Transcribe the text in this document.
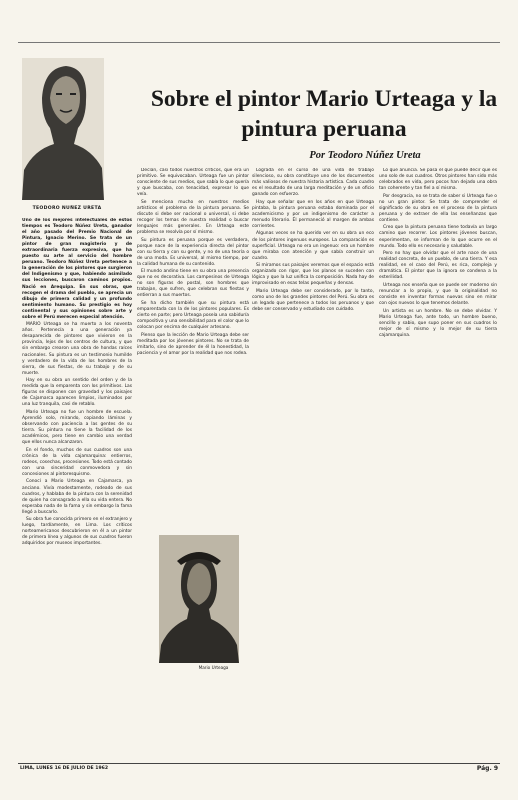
TEODORO NUÑEZ URETA
Sobre el pintor Mario Urteaga y la pintura peruana
Por Teodoro Núñez Ureta

Uno de los mejores intelectuales de estos tiempos es Teodoro Núñez Ureta, ganador el año pasado del Premio Nacional de Pintura, Ignacio Merino. Se trata de un pintor de gran magisterio y de extraordinaria fuerza expresiva, que ha puesto su arte al servicio del hombre peruano. Teodoro Núñez Ureta pertenece a la generación de los pintores que surgieron del Indigenismo y que, habiendo asimilado sus lecciones, buscaron caminos propios. Nació en Arequipa. En sus obras, que recogen el drama del pueblo, se aprecia un dibujo de primera calidad y un profundo sentimiento humano. Su prestigio es hoy continental y sus opiniones sobre arte y sobre el Perú merecen especial atención.

MARIO Urteaga se ha muerto a los noventa años. Pertenecía a una generación ya desaparecida de pintores que vivieron en la provincia, lejos de los centros de cultura, y que sin embargo crearon una obra de hondas raíces nacionales. Su pintura es un testimonio humilde y verdadero de la vida de los hombres de la sierra, de sus fiestas, de su trabajo y de su muerte.

Hay en su obra un sentido del orden y de la medida que la emparenta con los primitivos. Las figuras se disponen con gravedad y los paisajes de Cajamarca aparecen limpios, iluminados por una luz tranquila, casi de retablo.

Mario Urteaga no fue un hombre de escuela. Aprendió solo, mirando, copiando láminas y observando con paciencia a las gentes de su tierra. Su pintura no tiene la facilidad de los académicos, pero tiene en cambio una verdad que ellos nunca alcanzaron.

En el fondo, muchos de sus cuadros son una crónica de la vida cajamarquina: entierros, rodeos, cosechas, procesiones. Todo está contado con una sinceridad conmovedora y sin concesiones al pintoresquismo.

Conocí a Mario Urteaga en Cajamarca, ya anciano. Vivía modestamente, rodeado de sus cuadros, y hablaba de la pintura con la serenidad de quien ha consagrado a ella su vida entera. No esperaba nada de la fama y sin embargo la fama llegó a buscarlo.

Su obra fue conocida primero en el extranjero y luego, tardíamente, en Lima. Los críticos norteamericanos descubrieron en él a un pintor de primera línea y algunos de sus cuadros fueron adquiridos por museos importantes.

Decían, casi todos nuestros críticos, que era un primitivo. Se equivocaban. Urteaga fue un pintor consciente de sus medios, que sabía lo que quería y que buscaba, con tenacidad, expresar lo que veía.

Se menciona mucho en nuestros medios artísticos el problema de la pintura peruana. Se discute si debe ser nacional o universal, si debe recoger los temas de nuestra realidad o buscar lenguajes más generales. En Urteaga este problema se resolvía por sí mismo.

Su pintura es peruana porque es verdadera, porque nace de la experiencia directa del pintor con su tierra y con su gente, y no de una teoría o de una moda. Es universal, al mismo tiempo, por la calidad humana de su contenido.

El mundo andino tiene en su obra una presencia que no es decorativa. Los campesinos de Urteaga no son figuras de postal, son hombres que trabajan, que sufren, que celebran sus fiestas y entierran a sus muertos.

Se ha dicho también que su pintura está emparentada con la de los pintores populares. Es cierto en parte; pero Urteaga poseía una sabiduría compositiva y una sensibilidad para el color que lo colocan por encima de cualquier artesano.

Pienso que la lección de Mario Urteaga debe ser meditada por los jóvenes pintores. No se trata de imitarlo, sino de aprender de él la honestidad, la paciencia y el amor por la realidad que nos rodea.

Mario Urteaga

Lograda en el curso de una vida de trabajo silencioso, su obra constituye uno de los documentos más valiosos de nuestra historia artística. Cada cuadro es el resultado de una larga meditación y de un oficio ganado con esfuerzo.

Hay que señalar que en los años en que Urteaga pintaba, la pintura peruana estaba dominada por el academicismo y por un indigenismo de carácter a menudo literario. Él permaneció al margen de ambas corrientes.

Algunas veces se ha querido ver en su obra un eco de los pintores ingenuos europeos. La comparación es superficial. Urteaga no era un ingenuo: era un hombre que miraba con atención y que sabía construir un cuadro.

Si miramos sus paisajes veremos que el espacio está organizado con rigor, que los planos se suceden con lógica y que la luz unifica la composición. Nada hay de improvisado en esas telas pequeñas y densas.

Mario Urteaga debe ser considerado, por lo tanto, como uno de los grandes pintores del Perú. Su obra es un legado que pertenece a todos los peruanos y que debe ser conservado y estudiado con cuidado.

Lo que anuncia. Se pasa el que puede decir que es uno solo de sus cuadros. Otros pintores han sido más celebrados en vida, pero pocos han dejado una obra tan coherente y tan fiel a sí misma.

Por desgracia, no se trata de saber si Urteaga fue o no un gran pintor. Se trata de comprender el significado de su obra en el proceso de la pintura peruana y de extraer de ella las enseñanzas que contiene.

Creo que la pintura peruana tiene todavía un largo camino que recorrer. Los pintores jóvenes buscan, experimentan, se informan de lo que ocurre en el mundo. Todo ello es necesario y saludable.

Pero no hay que olvidar que el arte nace de una realidad concreta, de un pueblo, de una tierra. Y esa realidad, en el caso del Perú, es rica, compleja y dramática. El pintor que la ignora se condena a la esterilidad.

Urteaga nos enseña que se puede ser moderno sin renunciar a lo propio, y que la originalidad no consiste en inventar formas nuevas sino en mirar con ojos nuevos lo que tenemos delante.

Un artista es un hombre. No se debe olvidar. Y Mario Urteaga fue, ante todo, un hombre bueno, sencillo y sabio, que supo poner en sus cuadros lo mejor de sí mismo y lo mejor de su tierra cajamarquina.

LIMA, LUNES 16 DE JULIO DE 1962	Pág. 9
